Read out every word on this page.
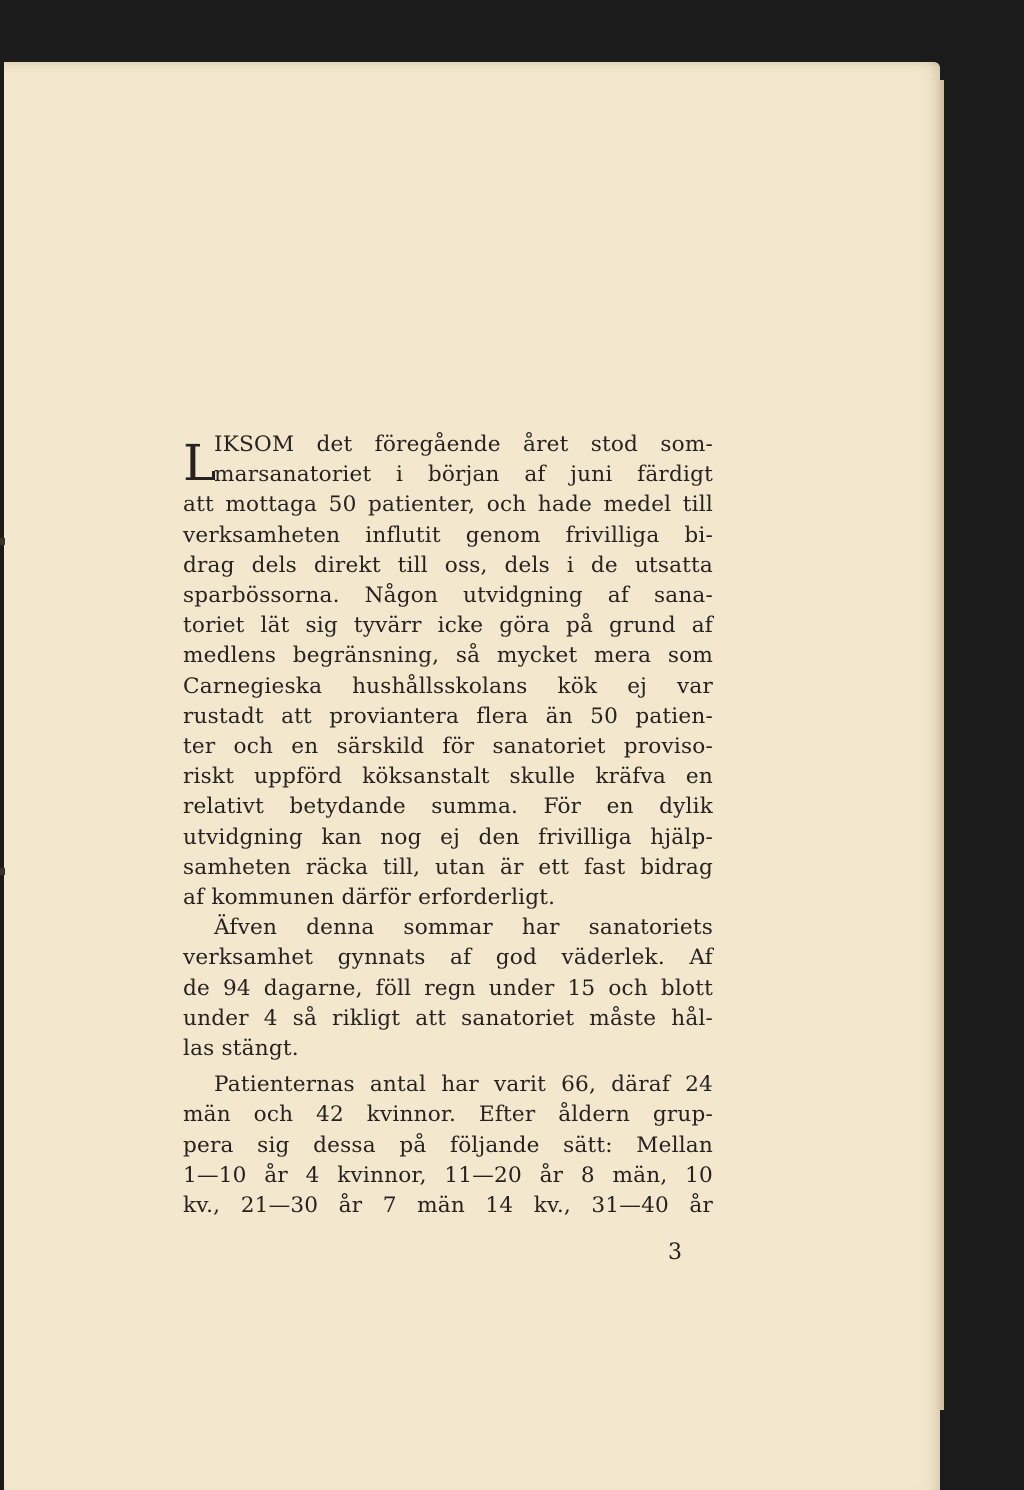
L
IKSOM det föregående året stod som-
marsanatoriet i början af juni färdigt
att mottaga 50 patienter, och hade medel till
verksamheten influtit genom frivilliga bi-
drag dels direkt till oss, dels i de utsatta
sparbössorna. Någon utvidgning af sana-
toriet lät sig tyvärr icke göra på grund af
medlens begränsning, så mycket mera som
Carnegieska hushållsskolans kök ej var
rustadt att proviantera flera än 50 patien-
ter och en särskild för sanatoriet proviso-
riskt uppförd köksanstalt skulle kräfva en
relativt betydande summa. För en dylik
utvidgning kan nog ej den frivilliga hjälp-
samheten räcka till, utan är ett fast bidrag
af kommunen därför erforderligt.
Äfven denna sommar har sanatoriets
verksamhet gynnats af god väderlek. Af
de 94 dagarne, föll regn under 15 och blott
under 4 så rikligt att sanatoriet måste hål-
las stängt.
Patienternas antal har varit 66, däraf 24
män och 42 kvinnor. Efter åldern grup-
pera sig dessa på följande sätt: Mellan
1—10 år 4 kvinnor, 11—20 år 8 män, 10
kv., 21—30 år 7 män 14 kv., 31—40 år
3
